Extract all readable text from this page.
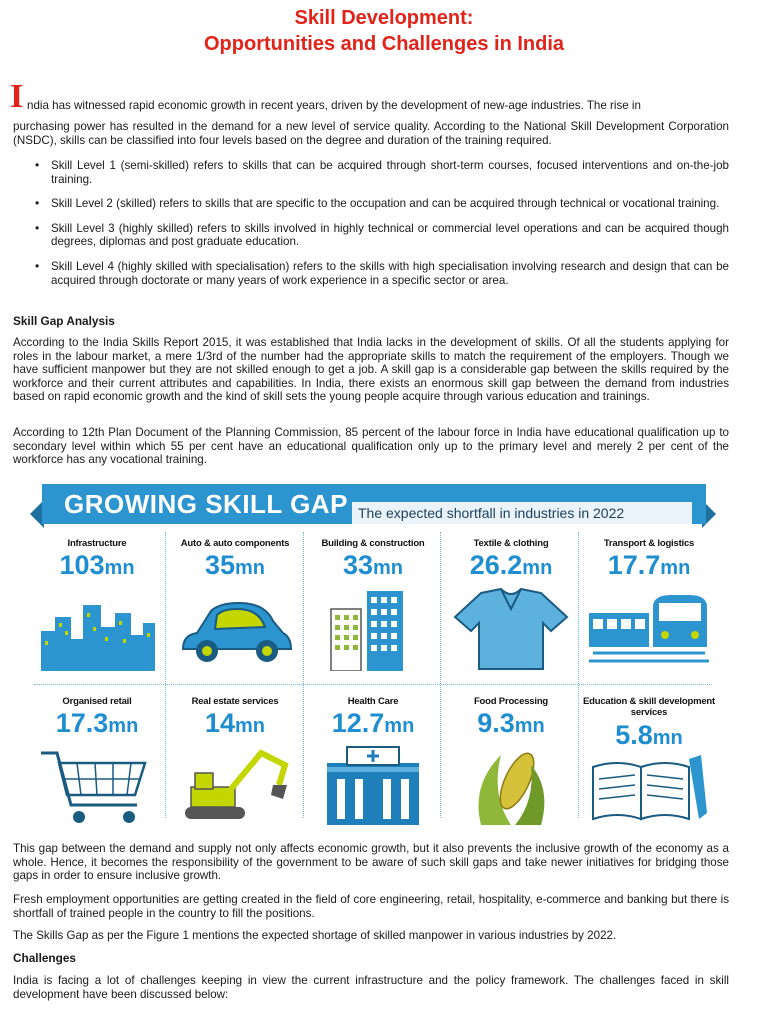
Skill Development:
Opportunities and Challenges in India
I ndia has witnessed rapid economic growth in recent years, driven by the development of new-age industries. The rise in

purchasing power has resulted in the demand for a new level of service quality. According to the National Skill Development Corporation (NSDC), skills can be classified into four levels based on the degree and duration of the training required.

• Skill Level 1 (semi-skilled) refers to skills that can be acquired through short-term courses, focused interventions and on-the-job training.
• Skill Level 2 (skilled) refers to skills that are specific to the occupation and can be acquired through technical or vocational training.
• Skill Level 3 (highly skilled) refers to skills involved in highly technical or commercial level operations and can be acquired though degrees, diplomas and post graduate education.
• Skill Level 4 (highly skilled with specialisation) refers to the skills with high specialisation involving research and design that can be acquired through doctorate or many years of work experience in a specific sector or area.
Skill Gap Analysis

According to the India Skills Report 2015, it was established that India lacks in the development of skills. Of all the students applying for roles in the labour market, a mere 1/3rd of the number had the appropriate skills to match the requirement of the employers. Though we have sufficient manpower but they are not skilled enough to get a job. A skill gap is a considerable gap between the skills required by the workforce and their current attributes and capabilities. In India, there exists an enormous skill gap between the demand from industries based on rapid economic growth and the kind of skill sets the young people acquire through various education and trainings.

According to 12th Plan Document of the Planning Commission, 85 percent of the labour force in India have educational qualification up to secondary level within which 55 per cent have an educational qualification only up to the primary level and merely 2 per cent of the workforce has any vocational training.

GROWING SKILL GAP The expected shortfall in industries in 2022
Infrastructure
103mn
Auto & auto components
35mn
Building & construction
33mn
Textile & clothing
26.2mn
Transport & logistics
17.7mn
Organised retail
17.3mn
Real estate services
14mn
Health Care
12.7mn
Food Processing
9.3mn
Education & skill development services
5.8mn

This gap between the demand and supply not only affects economic growth, but it also prevents the inclusive growth of the economy as a whole. Hence, it becomes the responsibility of the government to be aware of such skill gaps and take newer initiatives for bridging those gaps in order to ensure inclusive growth.

Fresh employment opportunities are getting created in the field of core engineering, retail, hospitality, e-commerce and banking but there is shortfall of trained people in the country to fill the positions.

The Skills Gap as per the Figure 1 mentions the expected shortage of skilled manpower in various industries by 2022.

Challenges

India is facing a lot of challenges keeping in view the current infrastructure and the policy framework. The challenges faced in skill development have been discussed below:
